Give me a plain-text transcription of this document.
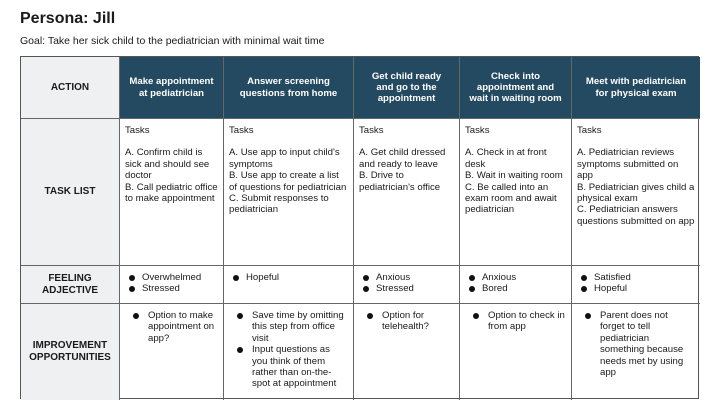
Persona: Jill
Goal: Take her sick child to the pediatrician with minimal wait time
ACTION	Make appointment at pediatrician
Answer screening questions from home
Get child ready and go to the appointment
Check into appointment and wait in waiting room
Meet with pediatrician for physical exam
TASK LIST
Tasks
A. Confirm child is sick and should see doctor
B. Call pediatric office to make appointment
Tasks
A. Use app to input child's symptoms
B. Use app to create a list of questions for pediatrician
C. Submit responses to pediatrician
Tasks
A. Get child dressed and ready to leave
B. Drive to pediatrician's office
Tasks
A. Check in at front desk
B. Wait in waiting room
C. Be called into an exam room and await pediatrician
Tasks
A. Pediatrician reviews symptoms submitted on app
B. Pediatrician gives child a physical exam
C. Pediatrician answers questions submitted on app
FEELING ADJECTIVE
Overwhelmed
Stressed
Hopeful	Anxious
Stressed
Anxious
Bored
Satisfied
Hopeful
IMPROVEMENT OPPORTUNITIES
Option to make appointment on app?
Save time by omitting this step from office visit
Input questions as you think of them rather than on-the-spot at appointment
Option for telehealth?
Option to check in from app
Parent does not forget to tell pediatrician something because needs met by using app
